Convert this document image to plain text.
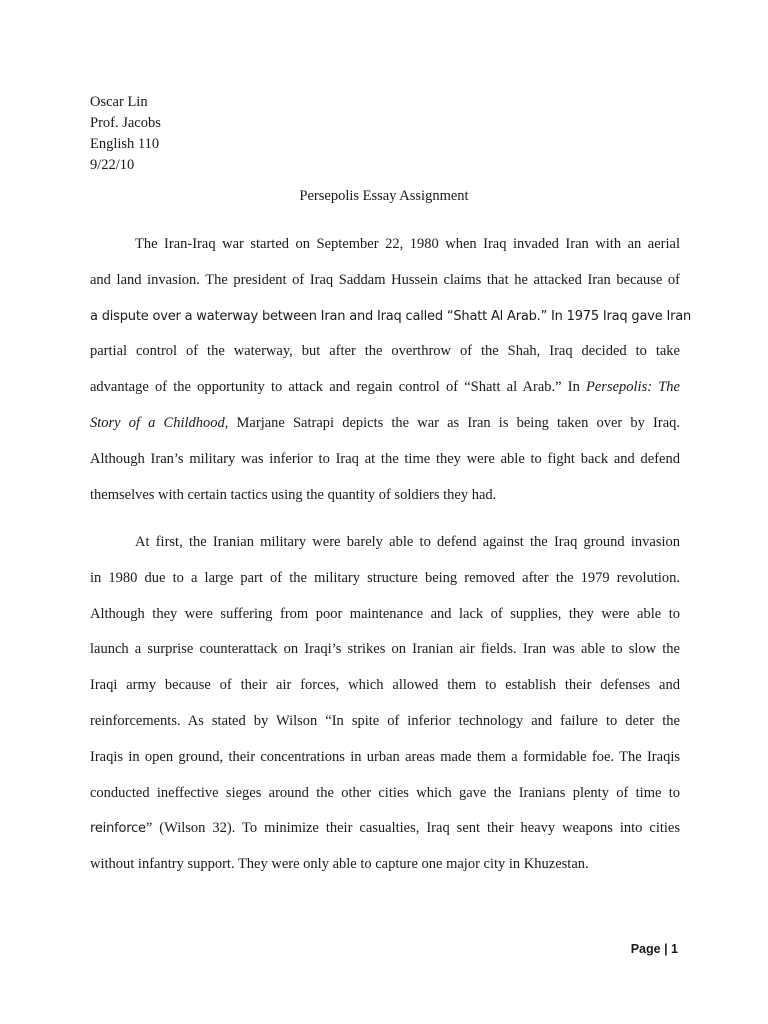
Oscar Lin
Prof. Jacobs
English 110
9/22/10
Persepolis Essay Assignment
The Iran-Iraq war started on September 22, 1980 when Iraq invaded Iran with an aerial
and land invasion. The president of Iraq Saddam Hussein claims that he attacked Iran because of
a dispute over a waterway between Iran and Iraq called “Shatt Al Arab.” In 1975 Iraq gave Iran
partial control of the waterway, but after the overthrow of the Shah, Iraq decided to take
advantage of the opportunity to attack and regain control of “Shatt al Arab.” In Persepolis: The
Story of a Childhood, Marjane Satrapi depicts the war as Iran is being taken over by Iraq.
Although Iran’s military was inferior to Iraq at the time they were able to fight back and defend
themselves with certain tactics using the quantity of soldiers they had.
At first, the Iranian military were barely able to defend against the Iraq ground invasion
in 1980 due to a large part of the military structure being removed after the 1979 revolution.
Although they were suffering from poor maintenance and lack of supplies, they were able to
launch a surprise counterattack on Iraqi’s strikes on Iranian air fields. Iran was able to slow the
Iraqi army because of their air forces, which allowed them to establish their defenses and
reinforcements. As stated by Wilson “In spite of inferior technology and failure to deter the
Iraqis in open ground, their concentrations in urban areas made them a formidable foe. The Iraqis
conducted ineffective sieges around the other cities which gave the Iranians plenty of time to
reinforce” (Wilson 32). To minimize their casualties, Iraq sent their heavy weapons into cities
without infantry support. They were only able to capture one major city in Khuzestan.
Page | 1
